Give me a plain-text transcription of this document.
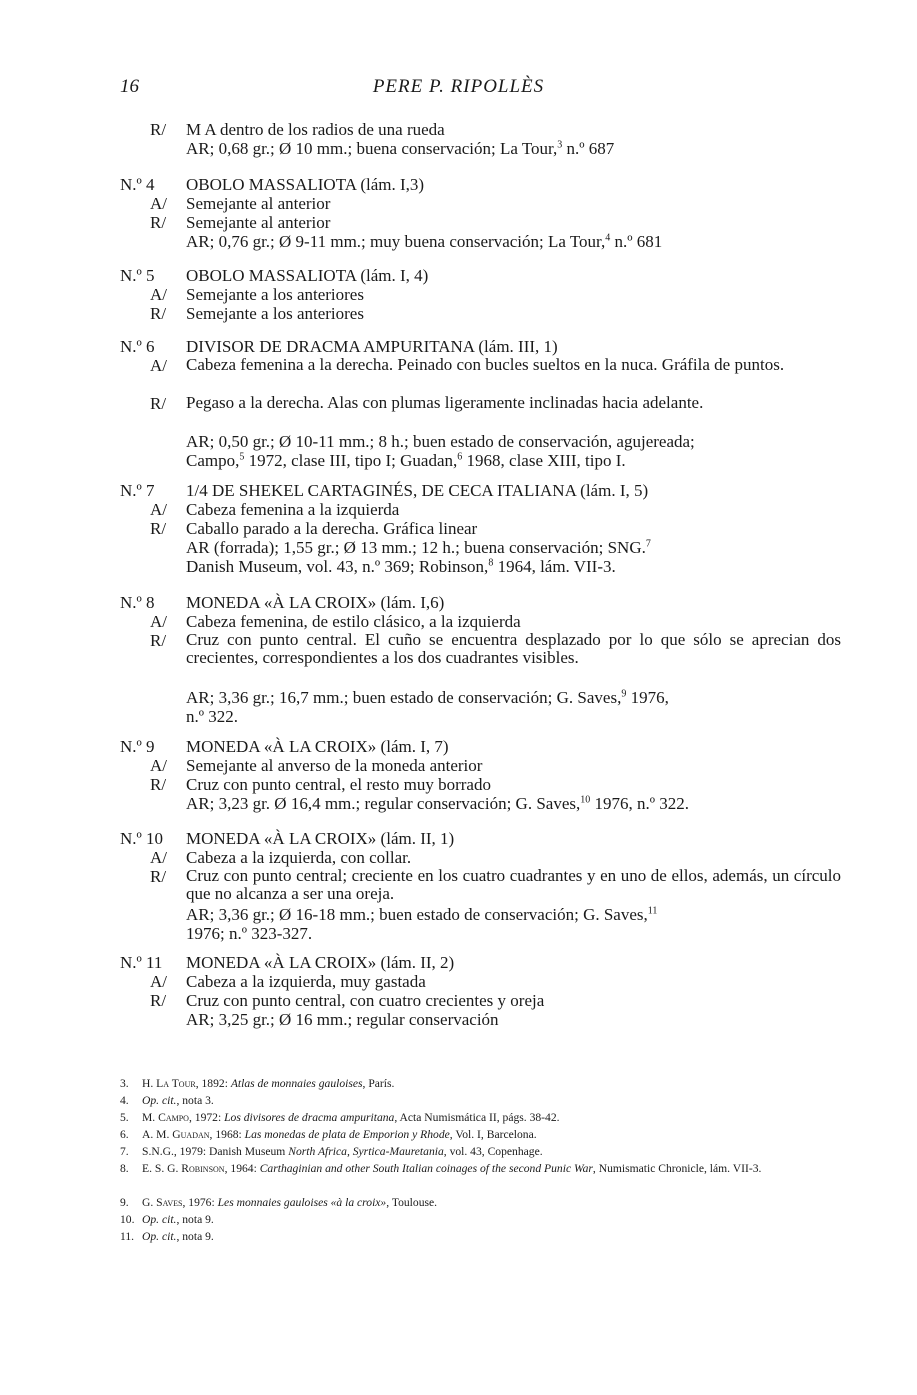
16	PERE P. RIPOLLÈS
R/ M A dentro de los radios de una rueda
AR; 0,68 gr.; Ø 10 mm.; buena conservación; La Tour,$^3$ n.º 687
N.º 4 OBOLO MASSALIOTA (lám. I,3)
A/ Semejante al anterior
R/ Semejante al anterior
AR; 0,76 gr.; Ø 9-11 mm.; muy buena conservación; La Tour,$^4$ n.º 681
N.º 5 OBOLO MASSALIOTA (lám. I, 4)
A/ Semejante a los anteriores
R/ Semejante a los anteriores
N.º 6 DIVISOR DE DRACMA AMPURITANA (lám. III, 1)
A/ Cabeza femenina a la derecha. Peinado con bucles sueltos en la nuca. Gráfila de puntos.
R/ Pegaso a la derecha. Alas con plumas ligeramente inclinadas hacia adelante.
AR; 0,50 gr.; Ø 10-11 mm.; 8 h.; buen estado de conservación, agujereada;
Campo,$^5$ 1972, clase III, tipo I; Guadan,$^6$ 1968, clase XIII, tipo I.
N.º 7 1/4 DE SHEKEL CARTAGINÉS, DE CECA ITALIANA (lám. I, 5)
A/ Cabeza femenina a la izquierda
R/ Caballo parado a la derecha. Gráfica linear
AR (forrada); 1,55 gr.; Ø 13 mm.; 12 h.; buena conservación; SNG.$^7$
Danish Museum, vol. 43, n.º 369; Robinson,$^8$ 1964, lám. VII-3.
N.º 8 MONEDA «À LA CROIX» (lám. I,6)
A/ Cabeza femenina, de estilo clásico, a la izquierda
R/ Cruz con punto central. El cuño se encuentra desplazado por lo que sólo se aprecian dos crecientes, correspondientes a los dos cuadrantes visibles.
AR; 3,36 gr.; 16,7 mm.; buen estado de conservación; G. Saves,$^9$ 1976,
n.º 322.
N.º 9 MONEDA «À LA CROIX» (lám. I, 7)
A/ Semejante al anverso de la moneda anterior
R/ Cruz con punto central, el resto muy borrado
AR; 3,23 gr. Ø 16,4 mm.; regular conservación; G. Saves,$^{10}$ 1976, n.º 322.
N.º 10 MONEDA «À LA CROIX» (lám. II, 1)
A/ Cabeza a la izquierda, con collar.
R/ Cruz con punto central; creciente en los cuatro cuadrantes y en uno de ellos, además, un círculo que no alcanza a ser una oreja.
AR; 3,36 gr.; Ø 16-18 mm.; buen estado de conservación; G. Saves,$^{11}$
1976; n.º 323-327.
N.º 11 MONEDA «À LA CROIX» (lám. II, 2)
A/ Cabeza a la izquierda, muy gastada
R/ Cruz con punto central, con cuatro crecientes y oreja
AR; 3,25 gr.; Ø 16 mm.; regular conservación
3. H. La Tour, 1892: Atlas de monnaies gauloises, París.
4. Op. cit., nota 3.
5. M. Campo, 1972: Los divisores de dracma ampuritana, Acta Numismática II, págs. 38-42.
6. A. M. Guadan, 1968: Las monedas de plata de Emporion y Rhode, Vol. I, Barcelona.
7. S.N.G., 1979: Danish Museum North Africa, Syrtica-Mauretania, vol. 43, Copenhage.
8. E. S. G. Robinson, 1964: Carthaginian and other South Italian coinages of the second Punic War, Numismatic Chronicle, lám. VII-3.
9. G. Saves, 1976: Les monnaies gauloises «à la croix», Toulouse.
10. Op. cit., nota 9.
11. Op. cit., nota 9.
